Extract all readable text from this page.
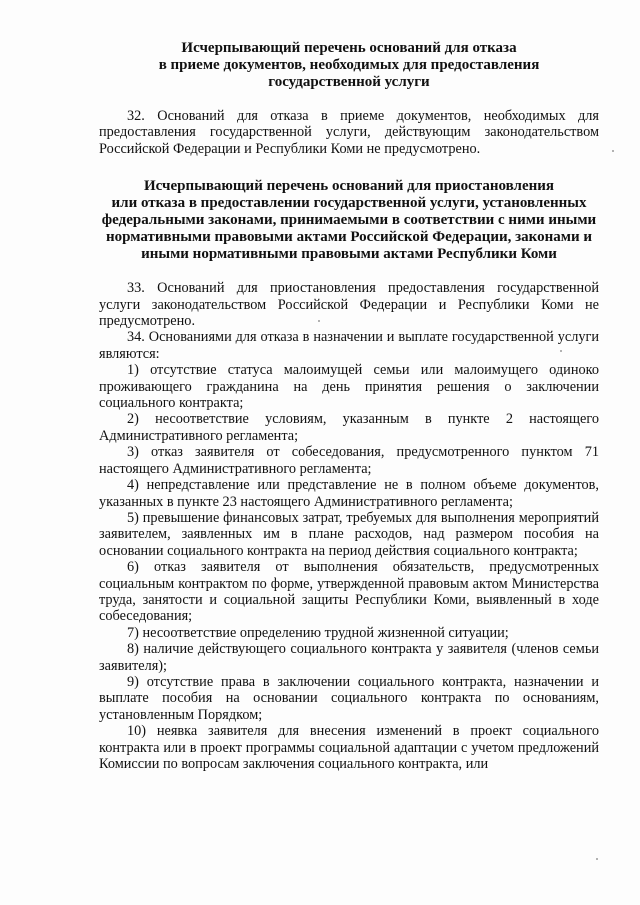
Исчерпывающий перечень оснований для отказа
в приеме документов, необходимых для предоставления
государственной услуги

32. Оснований для отказа в приеме документов, необходимых для предоставления государственной услуги, действующим законодательством Российской Федерации и Республики Коми не предусмотрено.

Исчерпывающий перечень оснований для приостановления
или отказа в предоставлении государственной услуги, установленных
федеральными законами, принимаемыми в соответствии с ними иными
нормативными правовыми актами Российской Федерации, законами и
иными нормативными правовыми актами Республики Коми

33. Оснований для приостановления предоставления государственной услуги законодательством Российской Федерации и Республики Коми не предусмотрено.

34. Основаниями для отказа в назначении и выплате государственной услуги являются:

1) отсутствие статуса малоимущей семьи или малоимущего одиноко проживающего гражданина на день принятия решения о заключении социального контракта;

2) несоответствие условиям, указанным в пункте 2 настоящего Административного регламента;

3) отказ заявителя от собеседования, предусмотренного пунктом 71 настоящего Административного регламента;

4) непредставление или представление не в полном объеме документов, указанных в пункте 23 настоящего Административного регламента;

5) превышение финансовых затрат, требуемых для выполнения мероприятий заявителем, заявленных им в плане расходов, над размером пособия на основании социального контракта на период действия социального контракта;

6) отказ заявителя от выполнения обязательств, предусмотренных социальным контрактом по форме, утвержденной правовым актом Министерства труда, занятости и социальной защиты Республики Коми, выявленный в ходе собеседования;

7) несоответствие определению трудной жизненной ситуации;

8) наличие действующего социального контракта у заявителя (членов семьи заявителя);

9) отсутствие права в заключении социального контракта, назначении и выплате пособия на основании социального контракта по основаниям, установленным Порядком;

10) неявка заявителя для внесения изменений в проект социального контракта или в проект программы социальной адаптации с учетом предложений Комиссии по вопросам заключения социального контракта, или
